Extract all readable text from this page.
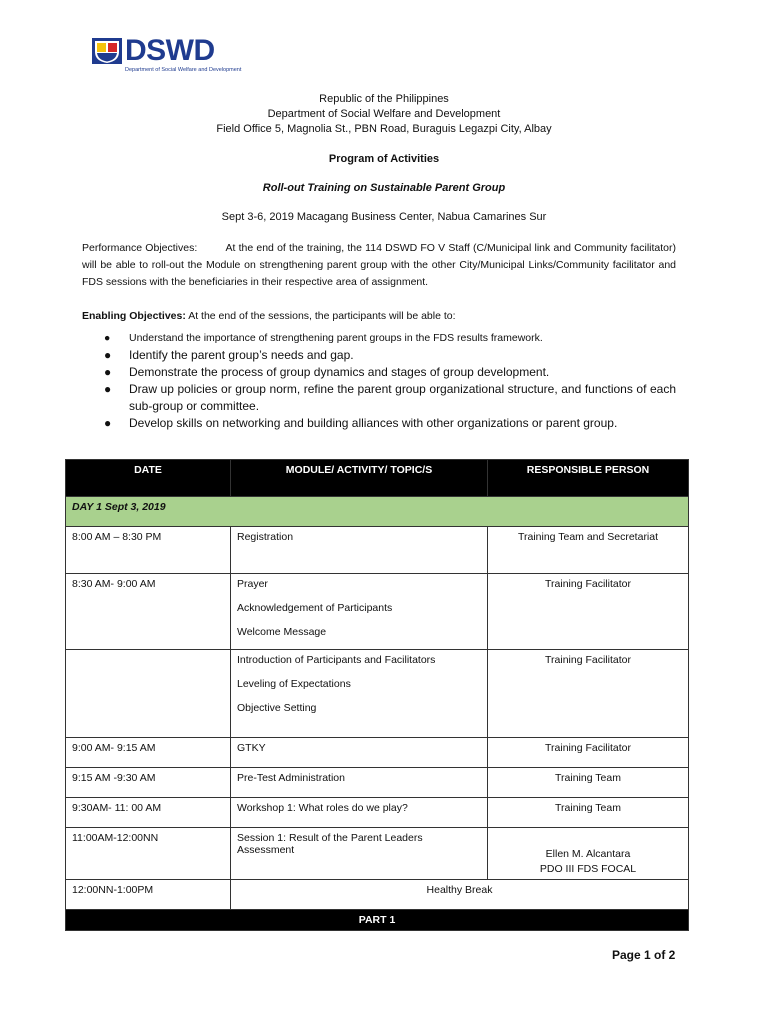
DSWD
Department of Social Welfare and Development
Republic of the Philippines
Department of Social Welfare and Development
Field Office 5, Magnolia St., PBN Road, Buraguis Legazpi City, Albay
Program of Activities
Roll-out Training on Sustainable Parent Group
Sept 3-6, 2019 Macagang Business Center, Nabua Camarines Sur
Performance Objectives:	At the end of the training, the 114 DSWD FO V Staff (C/Municipal link and Community facilitator) will be able to roll-out the Module on strengthening parent group with the other City/Municipal Links/Community facilitator and FDS sessions with the beneficiaries in their respective area of assignment.
Enabling Objectives: At the end of the sessions, the participants will be able to:
● Understand the importance of strengthening parent groups in the FDS results framework.
● Identify the parent group’s needs and gap.
● Demonstrate the process of group dynamics and stages of group development.
● Draw up policies or group norm, refine the parent group organizational structure, and functions of each sub-group or committee.
● Develop skills on networking and building alliances with other organizations or parent group.
DATE	MODULE/ ACTIVITY/ TOPIC/S	RESPONSIBLE PERSON
DAY 1 Sept 3, 2019		
8:00 AM – 8:30 PM	Registration	Training Team and Secretariat

8:30 AM- 9:00 AM	Prayer
Acknowledgement of Participants
Welcome Message	Training Facilitator

	Introduction of Participants and Facilitators
Leveling of Expectations
Objective Setting	Training Facilitator

9:00 AM- 9:15 AM	GTKY	Training Facilitator

9:15 AM -9:30 AM	Pre-Test Administration	Training Team

9:30AM- 11: 00 AM	Workshop 1: What roles do we play?	Training Team

11:00AM-12:00NN	Session 1: Result of the Parent Leaders Assessment	Ellen M. Alcantara
PDO III FDS FOCAL

12:00NN-1:00PM	Healthy Break	
PART 1		
Page 1 of 2
